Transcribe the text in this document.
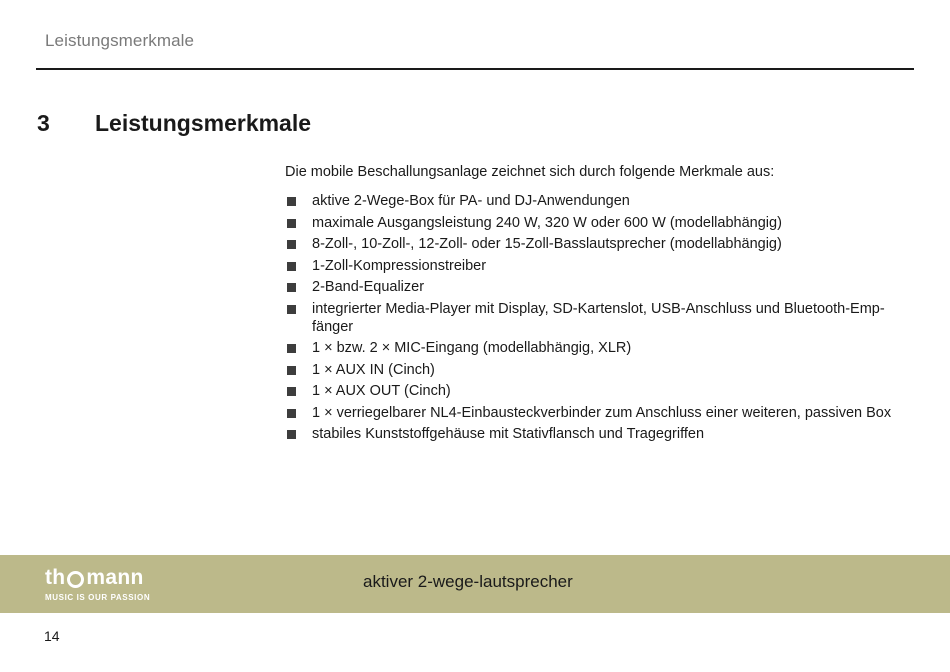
Leistungsmerkmale
3 Leistungsmerkmale
Die mobile Beschallungsanlage zeichnet sich durch folgende Merkmale aus:
aktive 2-Wege-Box für PA- und DJ-Anwendungen
maximale Ausgangsleistung 240 W, 320 W oder 600 W (modellabhängig)
8-Zoll-, 10-Zoll-, 12-Zoll- oder 15-Zoll-Basslautsprecher (modellabhängig)
1-Zoll-Kompressionstreiber
2-Band-Equalizer
integrierter Media-Player mit Display, SD-Kartenslot, USB-Anschluss und Bluetooth-Emp-fänger
1 × bzw. 2 × MIC-Eingang (modellabhängig, XLR)
1 × AUX IN (Cinch)
1 × AUX OUT (Cinch)
1 × verriegelbarer NL4-Einbausteckverbinder zum Anschluss einer weiteren, passiven Box
stabiles Kunststoffgehäuse mit Stativflansch und Tragegriffen
th mann
MUSIC IS OUR PASSION
aktiver 2-wege-lautsprecher
14
